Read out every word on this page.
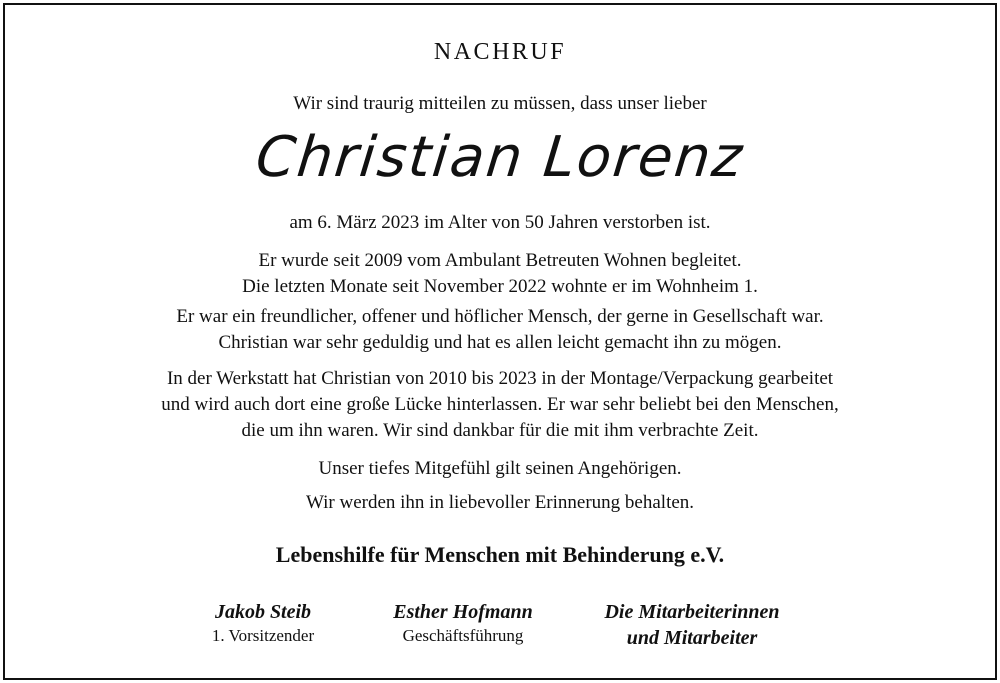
NACHRUF
Wir sind traurig mitteilen zu müssen, dass unser lieber
Christian Lorenz
am 6. März 2023 im Alter von 50 Jahren verstorben ist.
Er wurde seit 2009 vom Ambulant Betreuten Wohnen begleitet.
Die letzten Monate seit November 2022 wohnte er im Wohnheim 1.
Er war ein freundlicher, offener und höflicher Mensch, der gerne in Gesellschaft war.
Christian war sehr geduldig und hat es allen leicht gemacht ihn zu mögen.
In der Werkstatt hat Christian von 2010 bis 2023 in der Montage/Verpackung gearbeitet
und wird auch dort eine große Lücke hinterlassen. Er war sehr beliebt bei den Menschen,
die um ihn waren. Wir sind dankbar für die mit ihm verbrachte Zeit.
Unser tiefes Mitgefühl gilt seinen Angehörigen.
Wir werden ihn in liebevoller Erinnerung behalten.
Lebenshilfe für Menschen mit Behinderung e.V.
Jakob Steib
1. Vorsitzender
Esther Hofmann
Geschäftsführung
Die Mitarbeiterinnen
und Mitarbeiter
